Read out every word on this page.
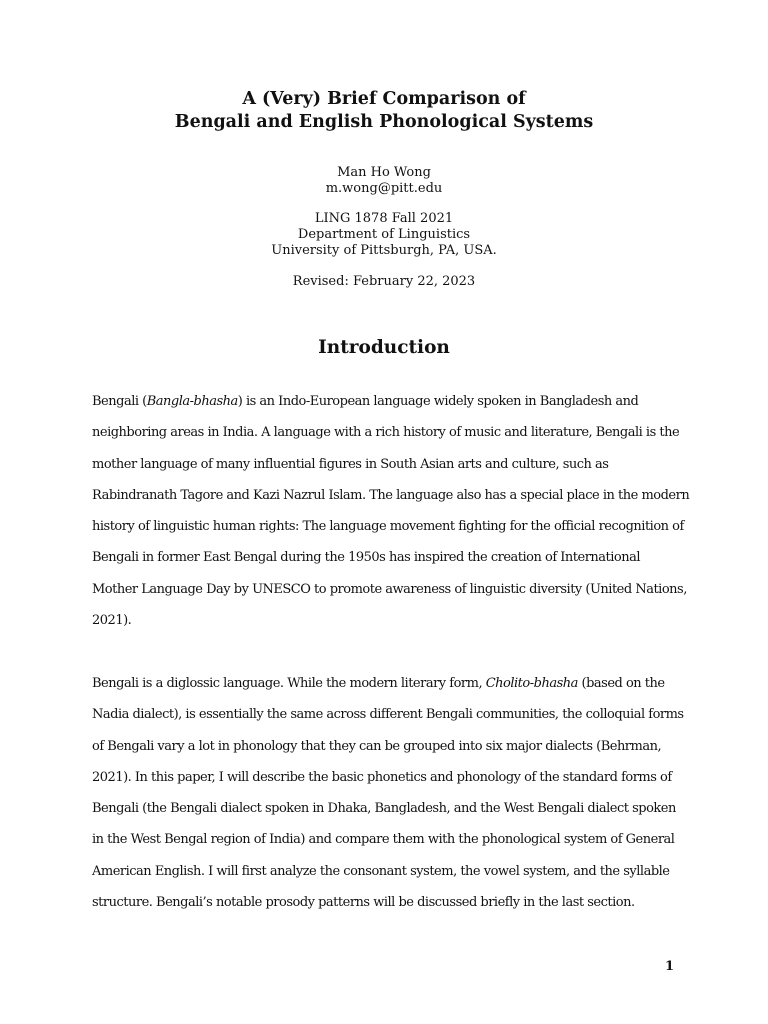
A (Very) Brief Comparison of
Bengali and English Phonological Systems
Man Ho Wong
m.wong@pitt.edu
LING 1878 Fall 2021
Department of Linguistics
University of Pittsburgh, PA, USA.
Revised: February 22, 2023
Introduction
Bengali (Bangla-bhasha) is an Indo-European language widely spoken in Bangladesh and
neighboring areas in India. A language with a rich history of music and literature, Bengali is the
mother language of many influential figures in South Asian arts and culture, such as
Rabindranath Tagore and Kazi Nazrul Islam. The language also has a special place in the modern
history of linguistic human rights: The language movement fighting for the official recognition of
Bengali in former East Bengal during the 1950s has inspired the creation of International
Mother Language Day by UNESCO to promote awareness of linguistic diversity (United Nations,
2021).
Bengali is a diglossic language. While the modern literary form, Cholito-bhasha (based on the
Nadia dialect), is essentially the same across different Bengali communities, the colloquial forms
of Bengali vary a lot in phonology that they can be grouped into six major dialects (Behrman,
2021). In this paper, I will describe the basic phonetics and phonology of the standard forms of
Bengali (the Bengali dialect spoken in Dhaka, Bangladesh, and the West Bengali dialect spoken
in the West Bengal region of India) and compare them with the phonological system of General
American English. I will first analyze the consonant system, the vowel system, and the syllable
structure. Bengali’s notable prosody patterns will be discussed briefly in the last section.
1
